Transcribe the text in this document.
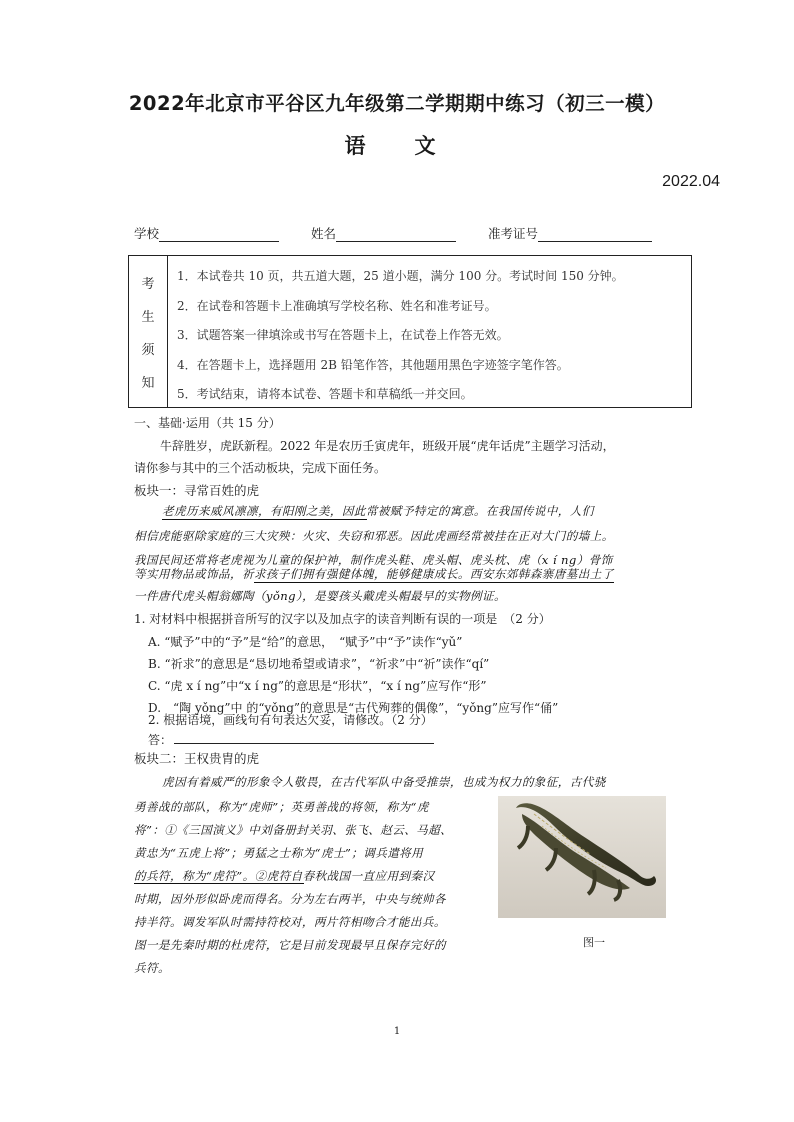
2022年北京市平谷区九年级第二学期期中练习（初三一模）
语　文
2022.04
学校	姓名	准考证号
考
生
须
知
1．本试卷共 10 页，共五道大题，25 道小题，满分 100 分。考试时间 150 分钟。
2．在试卷和答题卡上准确填写学校名称、姓名和准考证号。
3．试题答案一律填涂或书写在答题卡上，在试卷上作答无效。
4．在答题卡上，选择题用 2B 铅笔作答，其他题用黑色字迹签字笔作答。
5．考试结束，请将本试卷、答题卡和草稿纸一并交回。
一、基础·运用（共 15 分）
牛辞胜岁，虎跃新程。2022 年是农历壬寅虎年，班级开展“虎年话虎”主题学习活动，
请你参与其中的三个活动板块，完成下面任务。
板块一：寻常百姓的虎
老虎历来威风凛凛，有阳刚之美，因此常被赋予特定的寓意。在我国传说中，人们
相信虎能驱除家庭的三大灾殃：火灾、失窃和邪恶。因此虎画经常被挂在正对大门的墙上。
我国民间还常将老虎视为儿童的保护神，制作虎头鞋、虎头帽、虎头枕、虎（x í ng）骨饰
等实用物品或饰品，祈求孩子们拥有强健体魄，能够健康成长。西安东郊韩森寨唐墓出土了
一件唐代虎头帽翁娜陶（yǒng），是婴孩头戴虎头帽最早的实物例证。
1. 对材料中根据拼音所写的汉字以及加点字的读音判断有误的一项是　（2 分）
A. “赋予”中的“予”是“给”的意思，　“赋予”中“予”读作“yǔ”
B. “祈求”的意思是“恳切地希望或请求”，“祈求”中“祈”读作“qí”
C. “虎 x í ng”中“x í ng”的意思是“形状”，“x í ng”应写作“形”
D.　“陶 yǒng”中 的“yǒng”的意思是“古代殉葬的偶像”，“yǒng”应写作“俑”
2. 根据语境，画线句有句表达欠妥，请修改。（2 分）
答：
板块二：王权贵胄的虎
虎因有着威严的形象令人敬畏，在古代军队中备受推崇，也成为权力的象征，古代骁
勇善战的部队，称为“虎师”；英勇善战的将领，称为“虎
将”：①《三国演义》中刘备册封关羽、张飞、赵云、马超、
黄忠为“五虎上将”；勇猛之士称为“虎士”；调兵遣将用
的兵符，称为“虎符”。②虎符自春秋战国一直应用到秦汉
时期，因外形似卧虎而得名。分为左右两半，中央与统帅各
持半符。调发军队时需持符校对，两片符相吻合才能出兵。
图一是先秦时期的杜虎符，它是目前发现最早且保存完好的
兵符。
图一
1
